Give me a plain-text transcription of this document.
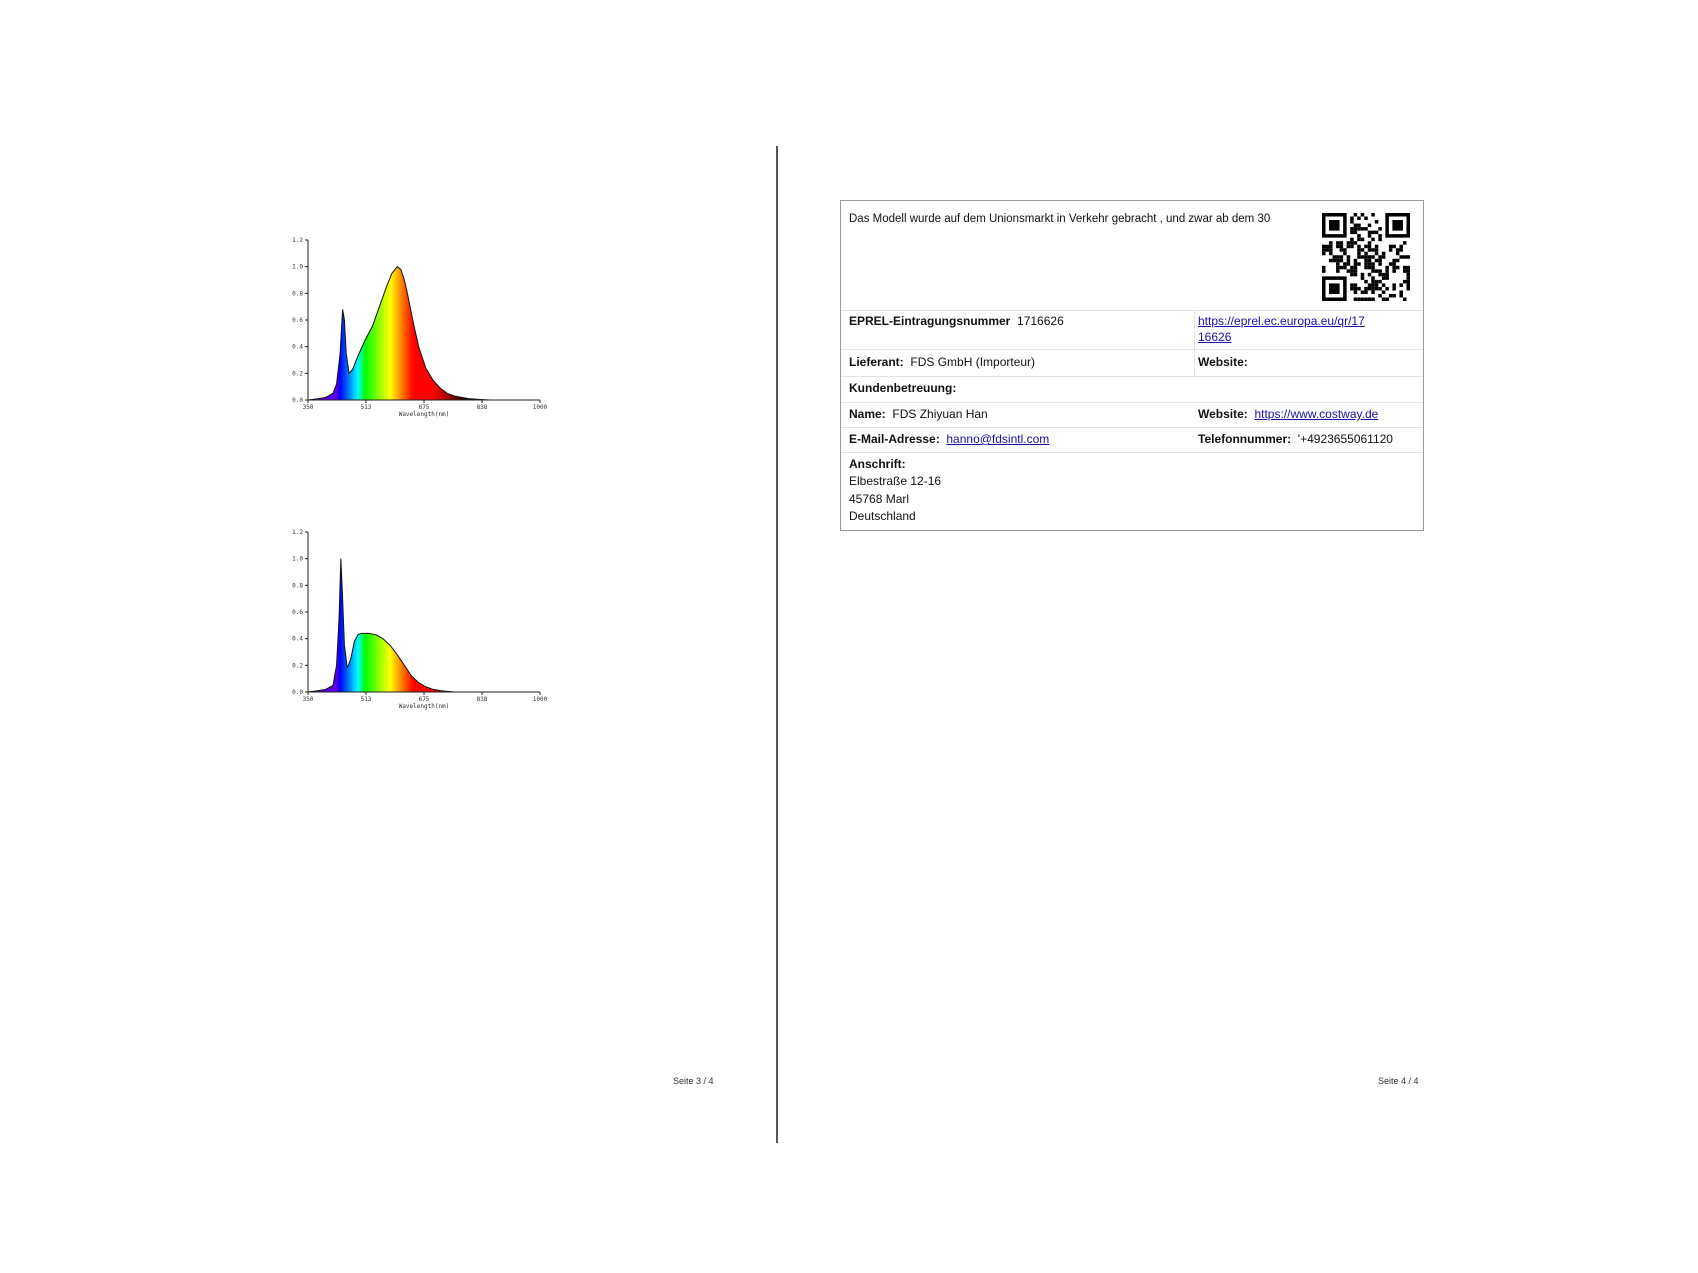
1.2
1.0
0.8
0.6
0.4
0.2
0.0
350	513	675	838	1000
Wavelength(nm)
1.2
1.0
0.8
0.6
0.4
0.2
0.0
350	513	675	838	1000
Wavelength(nm)
Seite 3 / 4
Das Modell wurde auf dem Unionsmarkt in Verkehr gebracht , und zwar ab dem 30
EPREL-Eintragungsnummer 1716626	https://eprel.ec.europa.eu/qr/17
16626
Lieferant: FDS GmbH (Importeur)	Website:
Kundenbetreuung:
Name: FDS Zhiyuan Han	Website: https://www.costway.de
E-Mail-Adresse: hanno@fdsintl.com	Telefonnummer: '+4923655061120
Anschrift:
Elbestraße 12-16
45768 Marl
Deutschland
Seite 4 / 4
